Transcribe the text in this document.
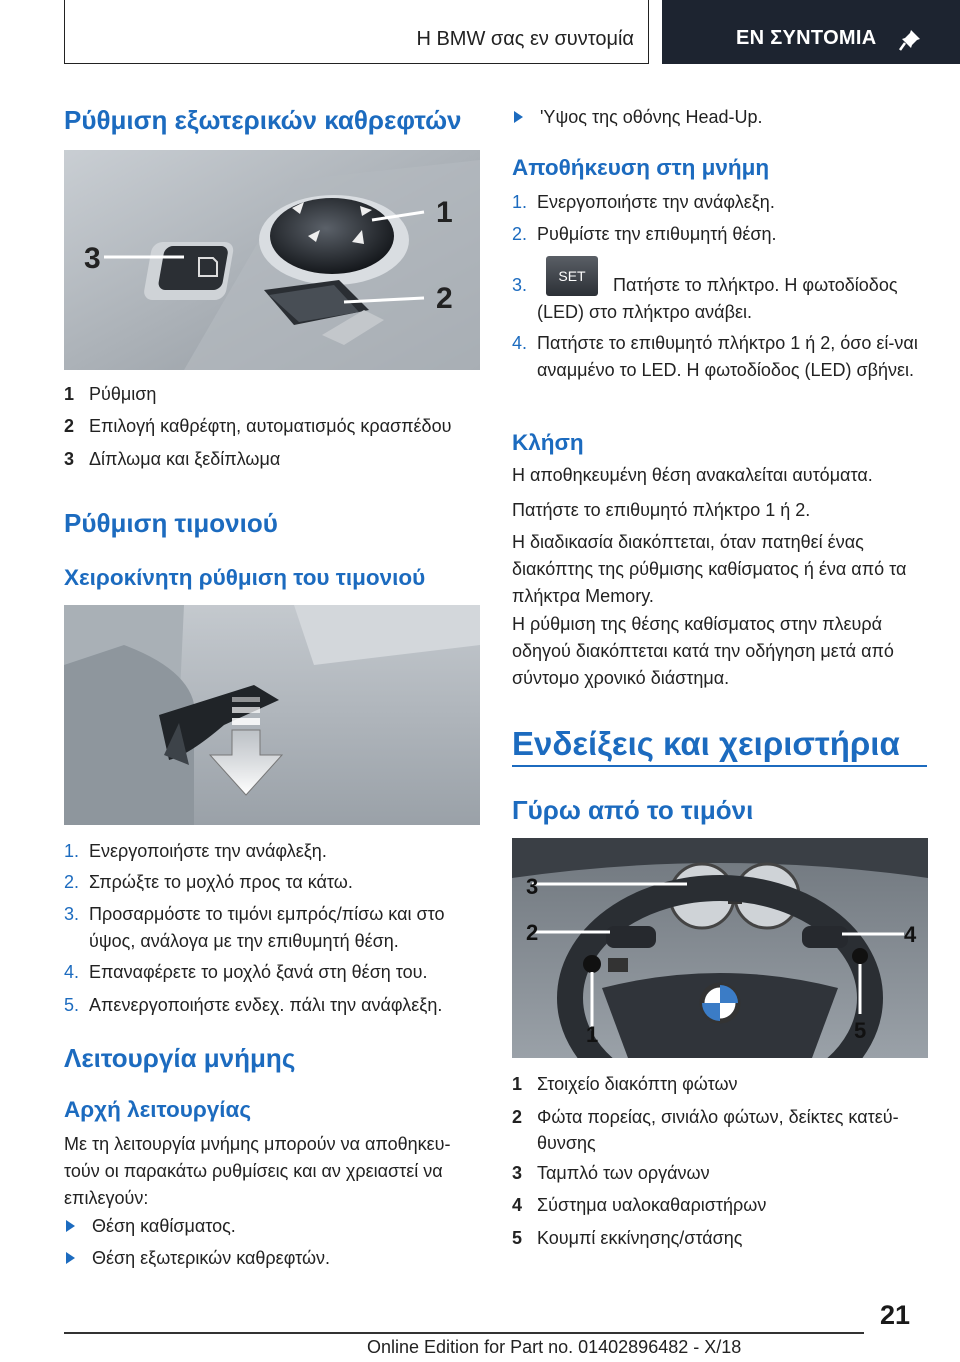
Η BMW σας εν συντομία	ΕΝ ΣΥΝΤΟΜΙΑ
Ρύθμιση εξωτερικών καθρεφτών
1
2
3
1 Ρύθμιση
2 Επιλογή καθρέφτη, αυτοματισμός κρασπέδου
3 Δίπλωμα και ξεδίπλωμα
Ρύθμιση τιμονιού
Χειροκίνητη ρύθμιση του τιμονιού
1. Ενεργοποιήστε την ανάφλεξη.
2. Σπρώξτε το μοχλό προς τα κάτω.
3. Προσαρμόστε το τιμόνι εμπρός/πίσω και στο ύψος, ανάλογα με την επιθυμητή θέση.
4. Επαναφέρετε το μοχλό ξανά στη θέση του.
5. Απενεργοποιήστε ενδεχ. πάλι την ανάφλεξη.
Λειτουργία μνήμης
Αρχή λειτουργίας
Με τη λειτουργία μνήμης μπορούν να αποθηκευ‐τούν οι παρακάτω ρυθμίσεις και αν χρειαστεί να επιλεγούν:
Θέση καθίσματος.
Θέση εξωτερικών καθρεφτών.
'Υψος της οθόνης Head-Up.
Αποθήκευση στη μνήμη
1. Ενεργοποιήστε την ανάφλεξη.
2. Ρυθμίστε την επιθυμητή θέση.
3.	SET	Πατήστε το πλήκτρο. Η φωτοδίοδος (LED) στο πλήκτρο ανάβει.
4. Πατήστε το επιθυμητό πλήκτρο 1 ή 2, όσο εί‐ναι αναμμένο το LED. Η φωτοδίοδος (LED) σβήνει.
Κλήση
Η αποθηκευμένη θέση ανακαλείται αυτόματα.
Πατήστε το επιθυμητό πλήκτρο 1 ή 2.
Η διαδικασία διακόπτεται, όταν πατηθεί ένας διακόπτης της ρύθμισης καθίσματος ή ένα από τα πλήκτρα Memory.
Η ρύθμιση της θέσης καθίσματος στην πλευρά οδηγού διακόπτεται κατά την οδήγηση μετά από σύντομο χρονικό διάστημα.
Ενδείξεις και χειριστήρια
Γύρω από το τιμόνι
3
2
1
4
5
1 Στοιχείο διακόπτη φώτων
2 Φώτα πορείας, σινιάλο φώτων, δείκτες κατεύ‐θυνσης
3 Ταμπλό των οργάνων
4 Σύστημα υαλοκαθαριστήρων
5 Κουμπί εκκίνησης/στάσης
21
Online Edition for Part no. 01402896482 - X/18
